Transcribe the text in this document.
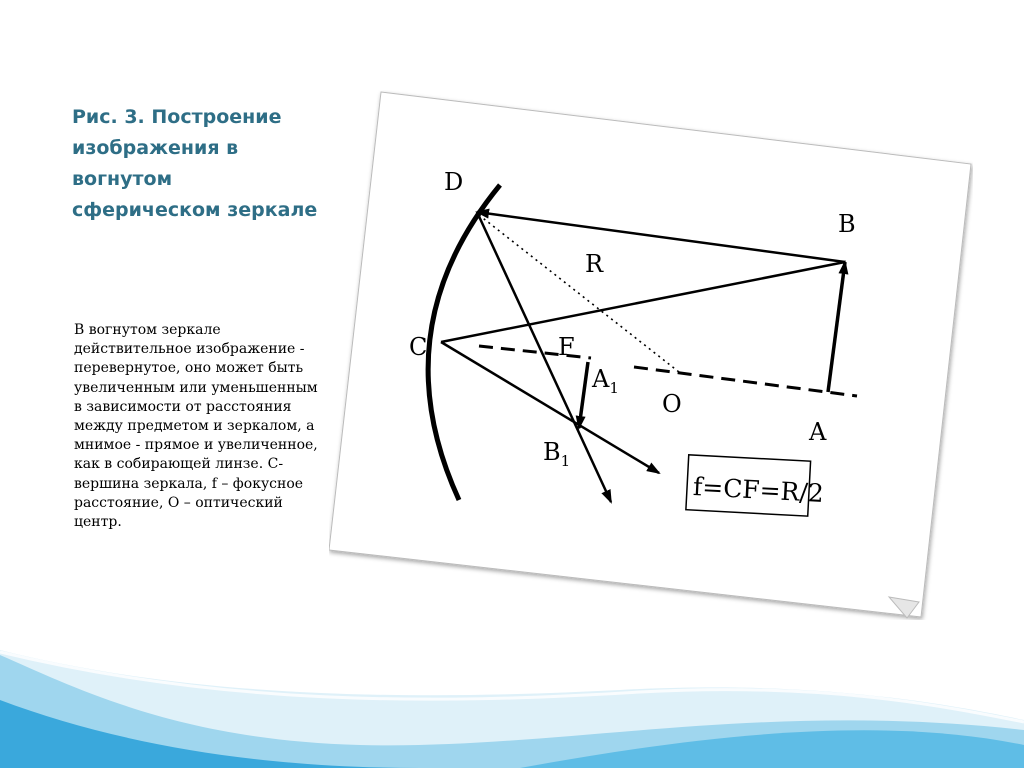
Рис. 3. Построение изображения в вогнутом сферическом зеркале

В вогнутом зеркале действительное изображение - перевернутое, оно может быть увеличенным или уменьшенным в зависимости от расстояния между предметом и зеркалом, а мнимое - прямое и увеличенное, как в собирающей линзе. С- вершина зеркала, f – фокусное расстояние, О – оптический центр.

D
B
R
C	F
$A_1$
O
A
$B_1$
f=CF=R/2
